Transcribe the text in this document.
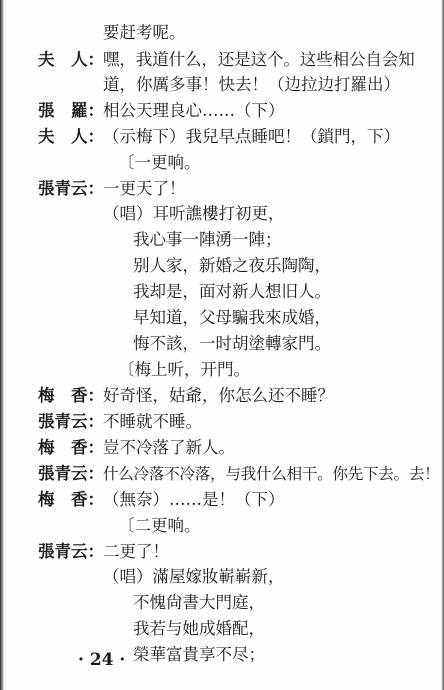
要赶考呢。
夫　人： 嘿，我道什么，还是这个。这些相公自会知
道，你厲多事！快去！（边拉边打羅出）
張　羅： 相公天理良心……（下）
夫　人： （示梅下）我兒早点睡吧！（鎖門，下）
〔一更响。
張青云： 一更天了！
（唱）耳听譙樓打初更，
我心事一陣湧一陣；
别人家，新婚之夜乐陶陶，
我却是，面对新人想旧人。
早知道，父母騙我來成婚，
悔不該，一时胡塗轉家門。
〔梅上听，开門。
梅　香： 好奇怪，姑爺，你怎么还不睡？
張青云： 不睡就不睡。
梅　香： 豈不冷落了新人。
張青云： 什么冷落不冷落，与我什么相干。你先下去。去！
梅　香： （無奈）……是！（下）
〔二更响。
張青云： 二更了！
（唱）滿屋嫁妝嶄嶄新，
不愧尙書大門庭，
我若与她成婚配，
榮華富貴享不尽；
· 24 ·
